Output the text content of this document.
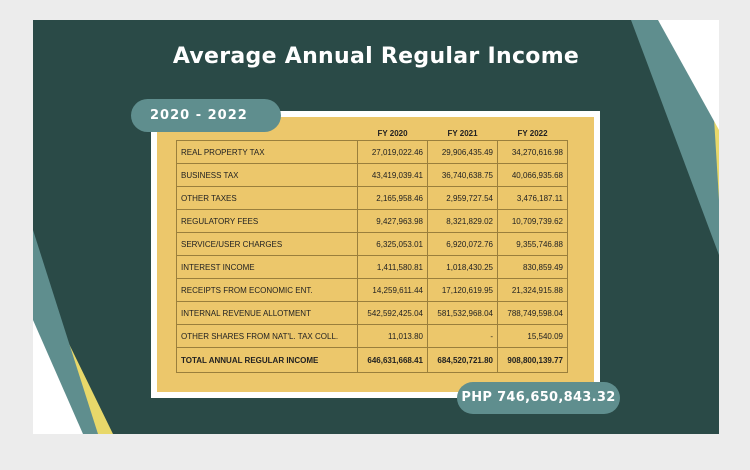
Average Annual Regular Income
	FY 2020	FY 2021	FY 2022
REAL PROPERTY TAX	27,019,022.46	29,906,435.49	34,270,616.98
BUSINESS TAX	43,419,039.41	36,740,638.75	40,066,935.68
OTHER TAXES	2,165,958.46	2,959,727.54	3,476,187.11
REGULATORY FEES	9,427,963.98	8,321,829.02	10,709,739.62
SERVICE/USER CHARGES	6,325,053.01	6,920,072.76	9,355,746.88
INTEREST INCOME	1,411,580.81	1,018,430.25	830,859.49
RECEIPTS FROM ECONOMIC ENT.	14,259,611.44	17,120,619.95	21,324,915.88
INTERNAL REVENUE ALLOTMENT	542,592,425.04	581,532,968.04	788,749,598.04
OTHER SHARES FROM NAT'L. TAX COLL.	11,013.80	-	15,540.09
TOTAL ANNUAL REGULAR INCOME	646,631,668.41	684,520,721.80	908,800,139.77
2020 - 2022
PHP 746,650,843.32
